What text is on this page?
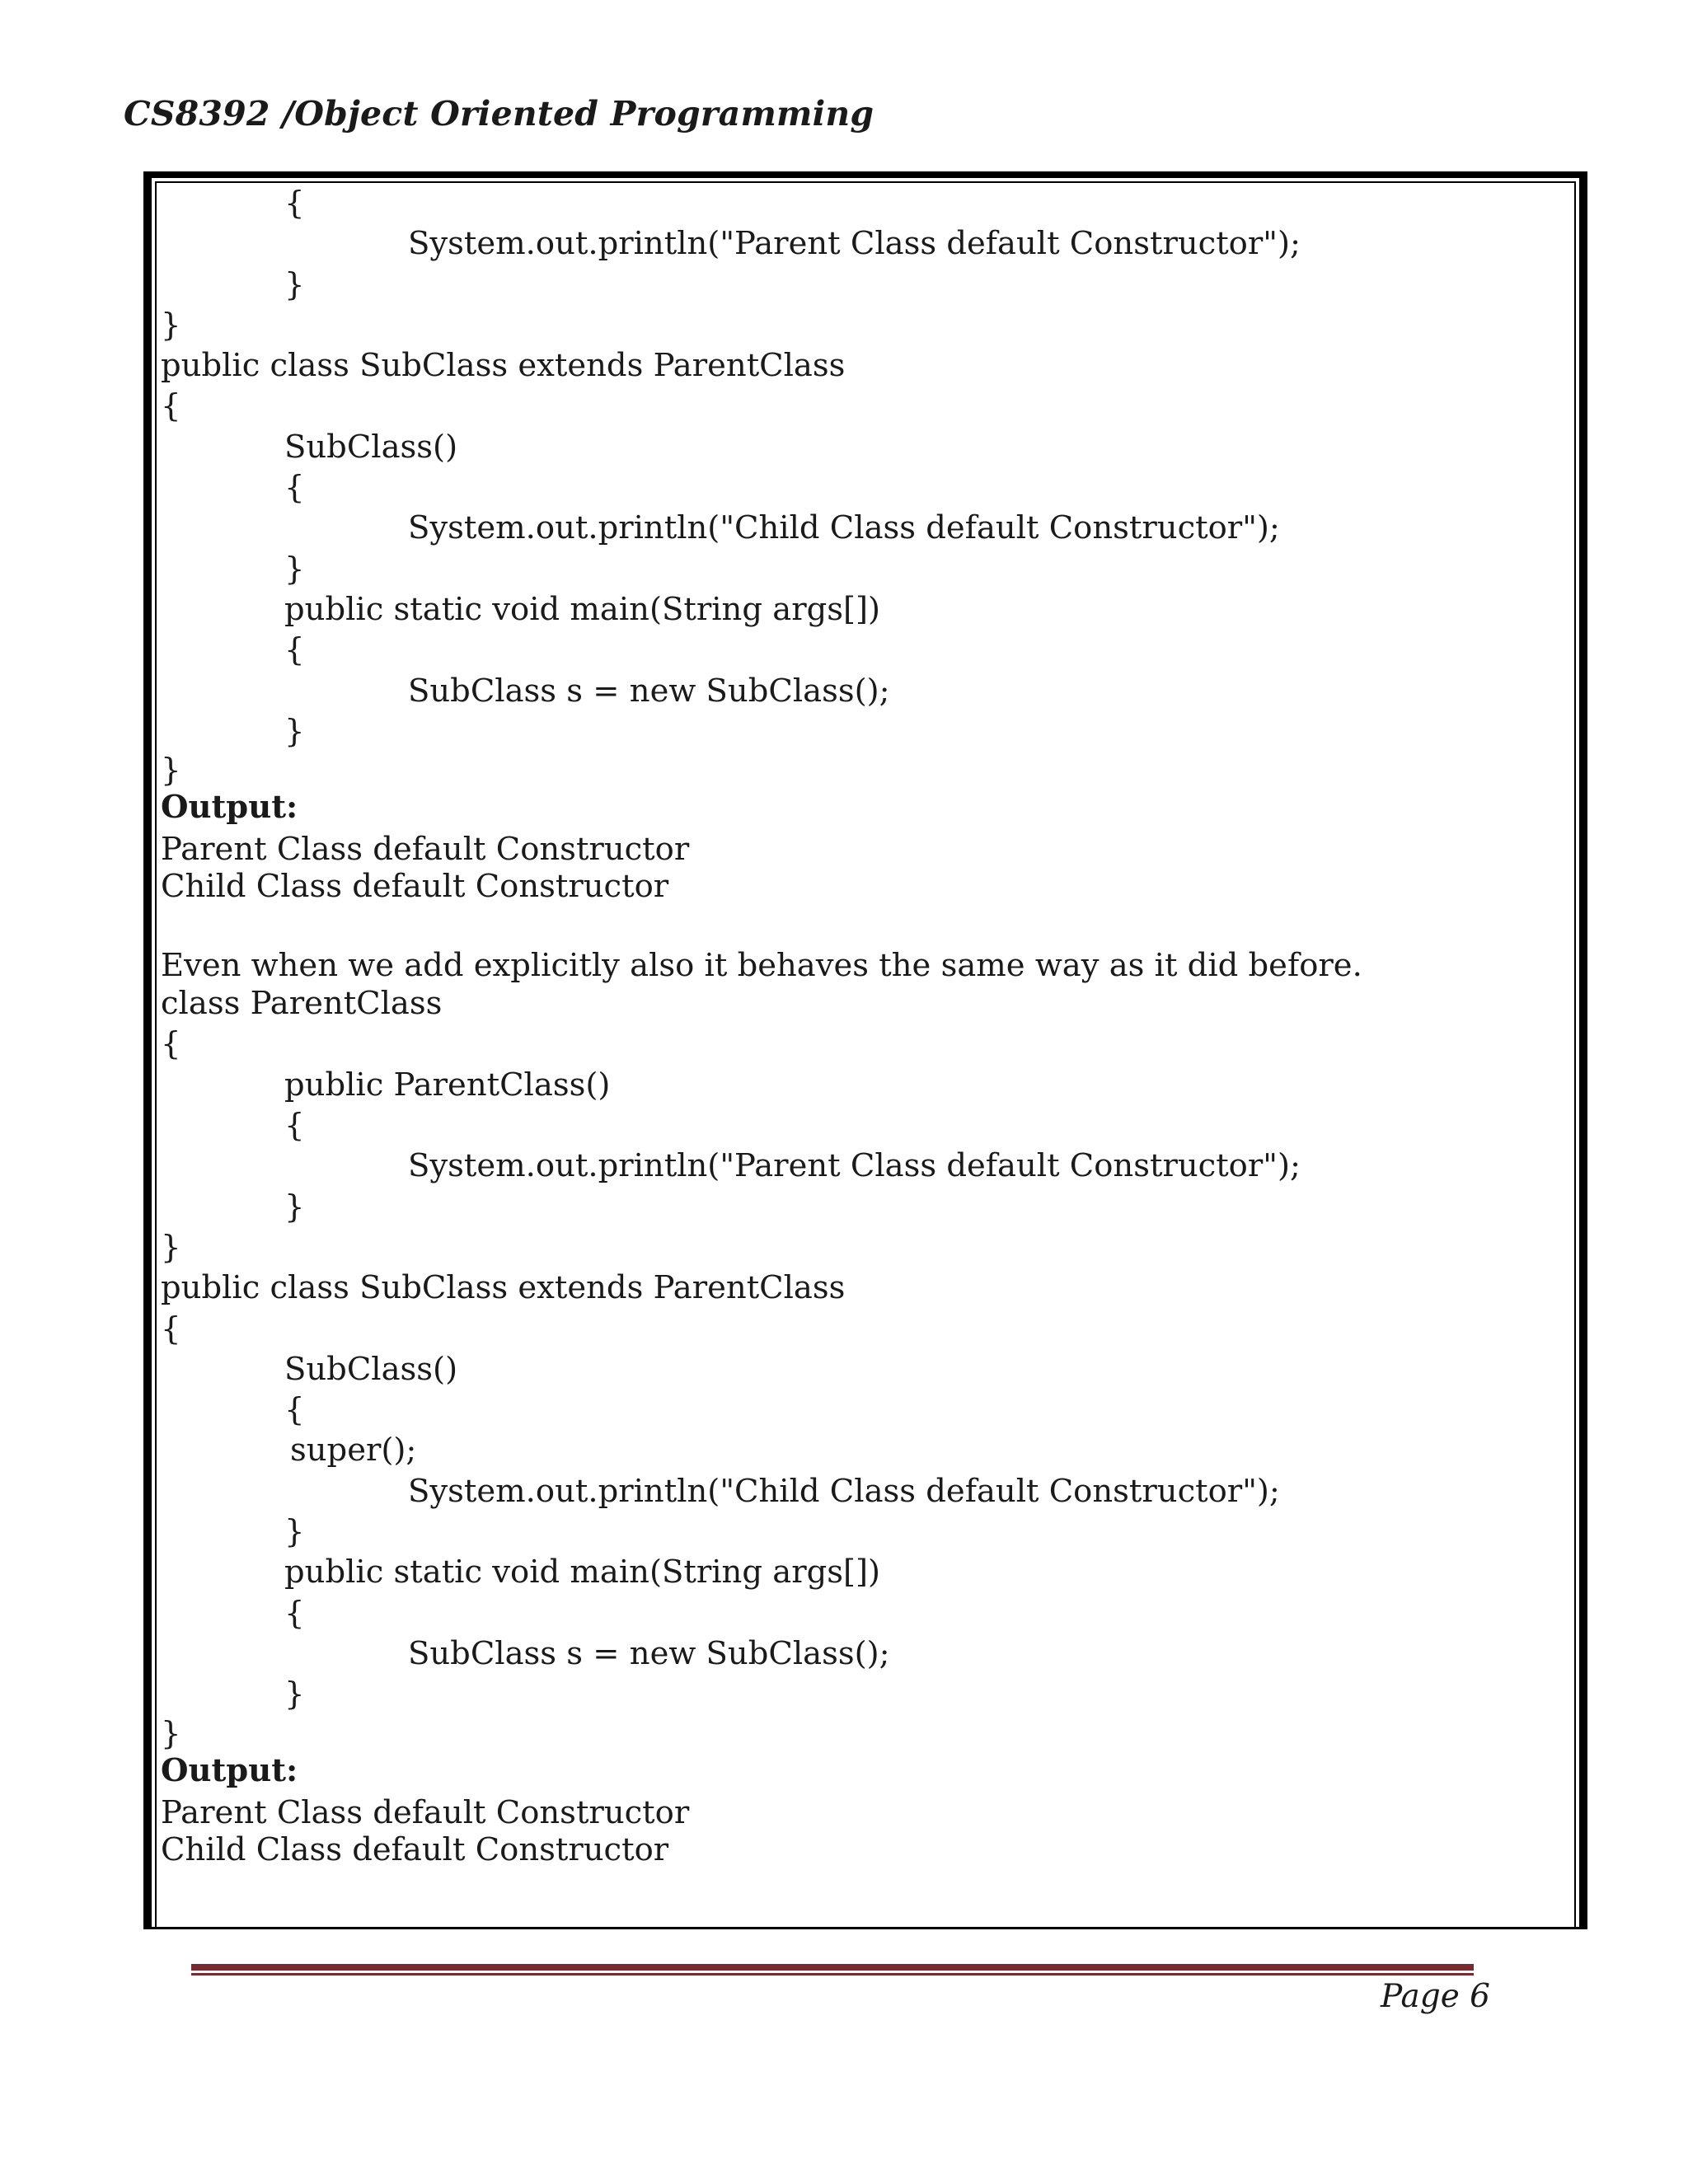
CS8392 /Object Oriented Programming
{
System.out.println("Parent Class default Constructor");
}
}
public class SubClass extends ParentClass
{
SubClass()
{
System.out.println("Child Class default Constructor");
}
public static void main(String args[])
{
SubClass s = new SubClass();
}
}
Output:
Parent Class default Constructor
Child Class default Constructor
Even when we add explicitly also it behaves the same way as it did before.
class ParentClass
{
public ParentClass()
{
System.out.println("Parent Class default Constructor");
}
}
public class SubClass extends ParentClass
{
SubClass()
{
super();
System.out.println("Child Class default Constructor");
}
public static void main(String args[])
{
SubClass s = new SubClass();
}
}
Output:
Parent Class default Constructor
Child Class default Constructor
Page 6
